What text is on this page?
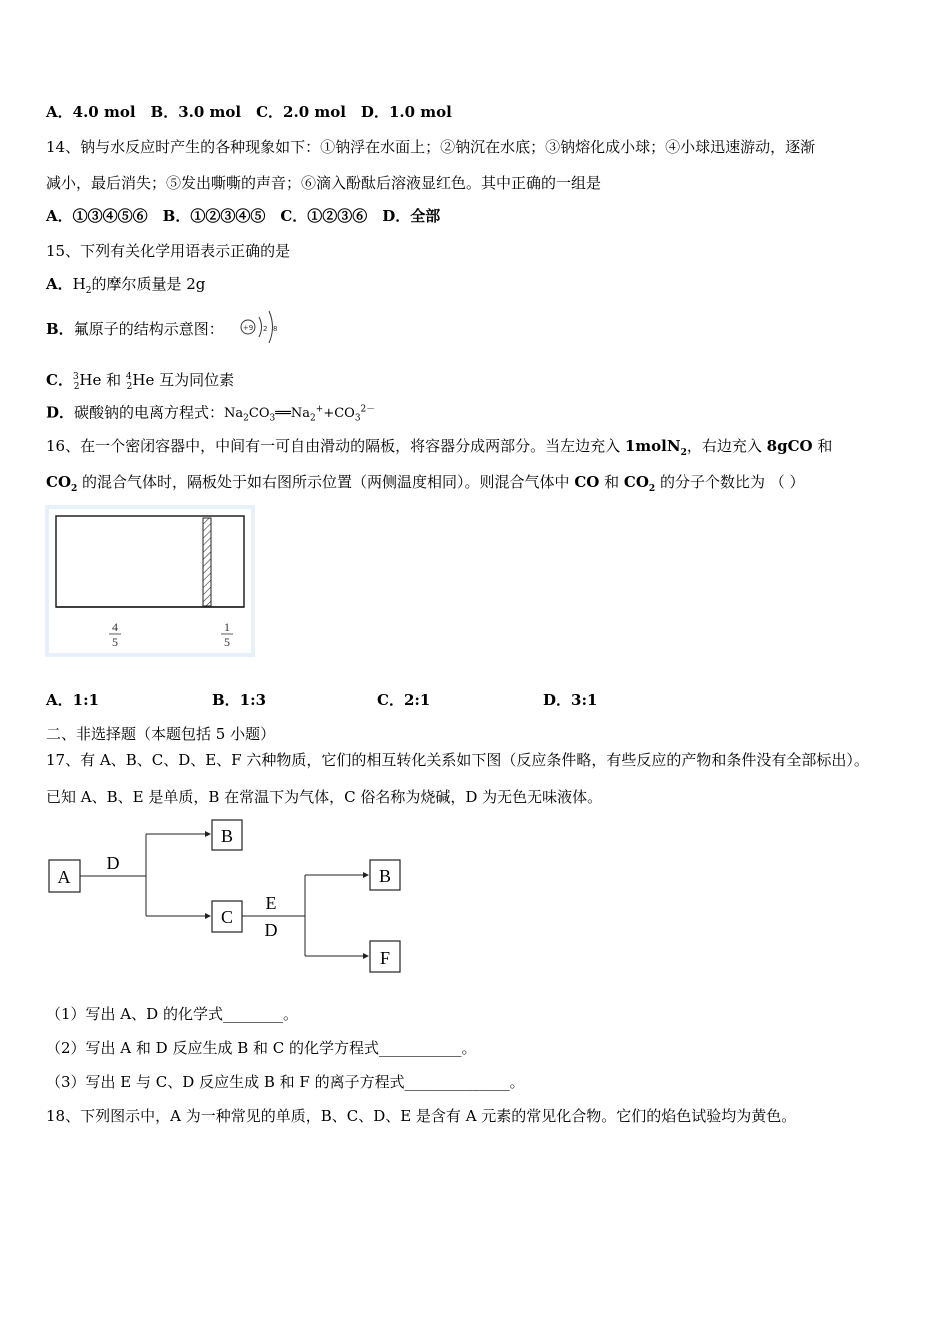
A．4.0 mol　B．3.0 mol　C．2.0 mol　D．1.0 mol
14、钠与水反应时产生的各种现象如下：①钠浮在水面上；②钠沉在水底；③钠熔化成小球；④小球迅速游动，逐渐
减小，最后消失；⑤发出嘶嘶的声音；⑥滴入酚酞后溶液显红色。其中正确的一组是
A．①③④⑤⑥　B．①②③④⑤　C．①②③⑥　D．全部
15、下列有关化学用语表示正确的是
A．$H_2$的摩尔质量是 2g
B．氟原子的结构示意图：	+9 2 8
C．$^3_2$He 和 $^4_2$He 互为同位素
D．碳酸钠的电离方程式：$Na_2CO_3══Na_2^++CO_3^{2-}$
16、在一个密闭容器中，中间有一可自由滑动的隔板，将容器分成两部分。当左边充入 1molN$_2$，右边充入 8gCO 和
$CO_2$ 的混合气体时，隔板处于如右图所示位置（两侧温度相同）。则混合气体中 CO 和 $CO_2$ 的分子个数比为 （ ）
4
5
1
5
A．1:1	B．1:3	C．2:1	D．3:1
二、非选择题（本题包括 5 小题）
17、有 A、B、C、D、E、F 六种物质，它们的相互转化关系如下图（反应条件略，有些反应的产物和条件没有全部标出）。
已知 A、B、E 是单质，B 在常温下为气体，C 俗名称为烧碱，D 为无色无味液体。
A
D
B
C
E
D
B
F
（1）写出 A、D 的化学式________。
（2）写出 A 和 D 反应生成 B 和 C 的化学方程式___________。
（3）写出 E 与 C、D 反应生成 B 和 F 的离子方程式______________。
18、下列图示中，A 为一种常见的单质，B、C、D、E 是含有 A 元素的常见化合物。它们的焰色试验均为黄色。
